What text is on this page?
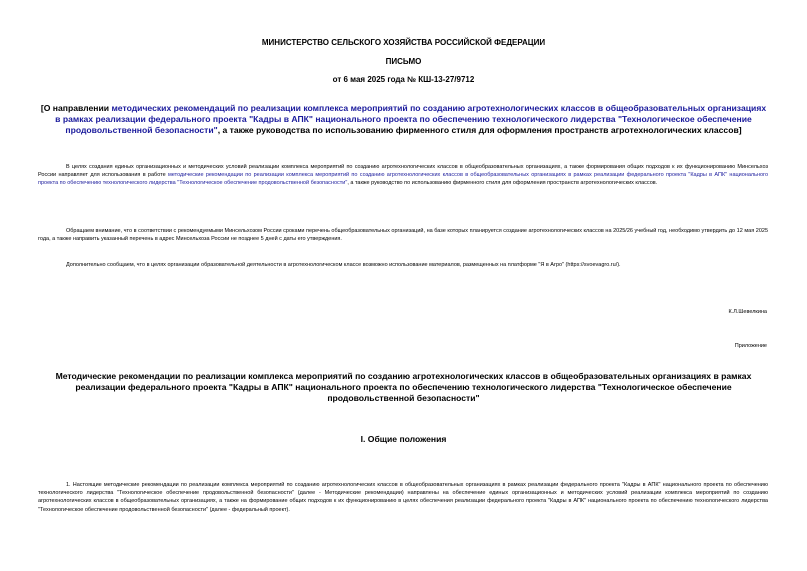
МИНИСТЕРСТВО СЕЛЬСКОГО ХОЗЯЙСТВА РОССИЙСКОЙ ФЕДЕРАЦИИ
ПИСЬМО
от 6 мая 2025 года № КШ-13-27/9712
[О направлении методических рекомендаций по реализации комплекса мероприятий по созданию агротехнологических классов в общеобразовательных организациях в рамках реализации федерального проекта "Кадры в АПК" национального проекта по обеспечению технологического лидерства "Технологическое обеспечение продовольственной безопасности", а также руководства по использованию фирменного стиля для оформления пространств агротехнологических классов]

В целях создания единых организационных и методических условий реализации комплекса мероприятий по созданию агротехнологических классов в общеобразовательных организациях, а также формирования общих подходов к их функционированию Минсельхоз России направляет для использования в работе методические рекомендации по реализации комплекса мероприятий по созданию агротехнологических классов в общеобразовательных организациях в рамках реализации федерального проекта "Кадры в АПК" национального проекта по обеспечению технологического лидерства "Технологическое обеспечение продовольственной безопасности", а также руководство по использованию фирменного стиля для оформления пространств агротехнологических классов.

Обращаем внимание, что в соответствии с рекомендуемыми Минсельхозом России сроками перечень общеобразовательных организаций, на базе которых планируется создание агротехнологических классов на 2025/26 учебный год, необходимо утвердить до 12 мая 2025 года, а также направить указанный перечень в адрес Минсельхоза России не позднее 5 дней с даты его утверждения.

Дополнительно сообщаем, что в целях организации образовательной деятельности в агротехнологическом классе возможно использование материалов, размещенных на платформе "Я в Агро" (https://svoevagro.ru/).

К.Л.Шевелкина
Приложение
Методические рекомендации по реализации комплекса мероприятий по созданию агротехнологических классов в общеобразовательных организациях в рамках реализации федерального проекта "Кадры в АПК" национального проекта по обеспечению технологического лидерства "Технологическое обеспечение продовольственной безопасности"
I. Общие положения

1. Настоящие методические рекомендации по реализации комплекса мероприятий по созданию агротехнологических классов в общеобразовательных организациях в рамках реализации федерального проекта "Кадры в АПК" национального проекта по обеспечению технологического лидерства "Технологическое обеспечение продовольственной безопасности" (далее - Методические рекомендации) направлены на обеспечение единых организационных и методических условий реализации комплекса мероприятий по созданию агротехнологических классов в общеобразовательных организациях, а также на формирование общих подходов к их функционированию в целях обеспечения реализации федерального проекта "Кадры в АПК" национального проекта по обеспечению технологического лидерства "Технологическое обеспечение продовольственной безопасности" (далее - федеральный проект).
